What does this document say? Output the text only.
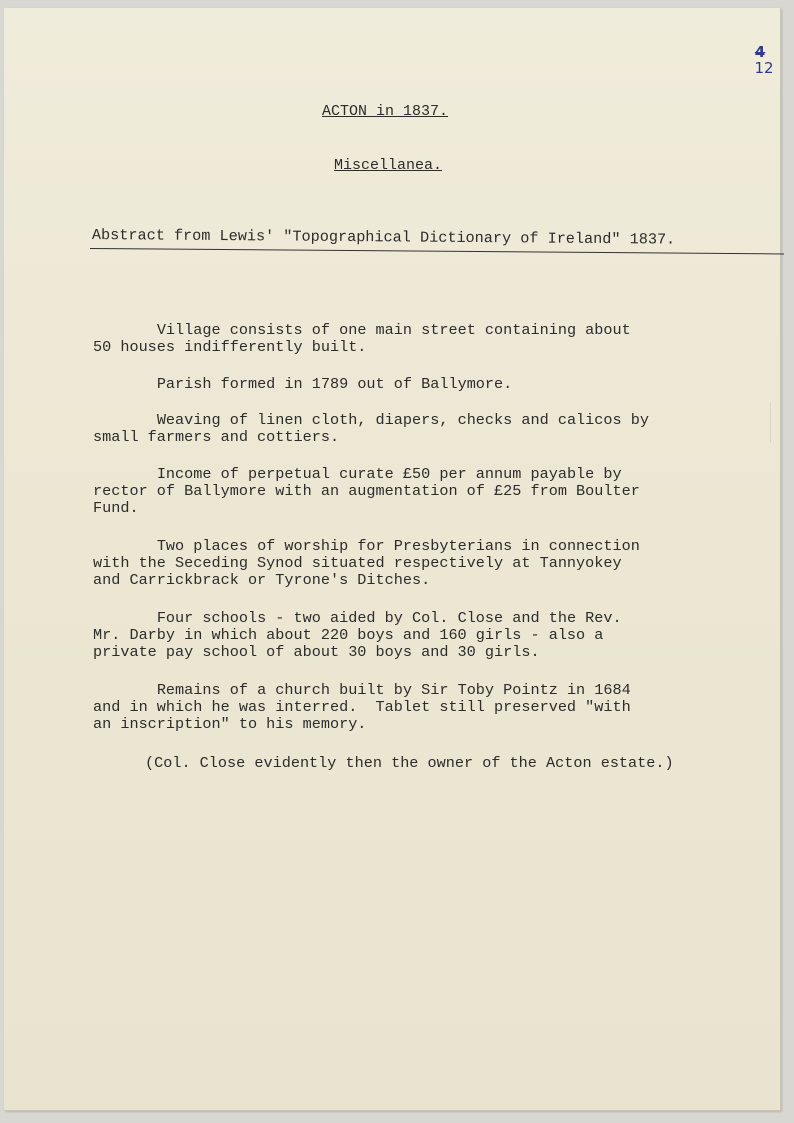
4
12
ACTON in 1837.
Miscellanea.
Abstract from Lewis' "Topographical Dictionary of Ireland" 1837.

Village consists of one main street containing about
50 houses indifferently built.

Parish formed in 1789 out of Ballymore.

Weaving of linen cloth, diapers, checks and calicos by
small farmers and cottiers.

Income of perpetual curate £50 per annum payable by
rector of Ballymore with an augmentation of £25 from Boulter
Fund.

Two places of worship for Presbyterians in connection
with the Seceding Synod situated respectively at Tannyokey
and Carrickbrack or Tyrone's Ditches.

Four schools - two aided by Col. Close and the Rev.
Mr. Darby in which about 220 boys and 160 girls - also a
private pay school of about 30 boys and 30 girls.

Remains of a church built by Sir Toby Pointz in 1684
and in which he was interred.  Tablet still preserved "with
an inscription" to his memory.

(Col. Close evidently then the owner of the Acton estate.)
